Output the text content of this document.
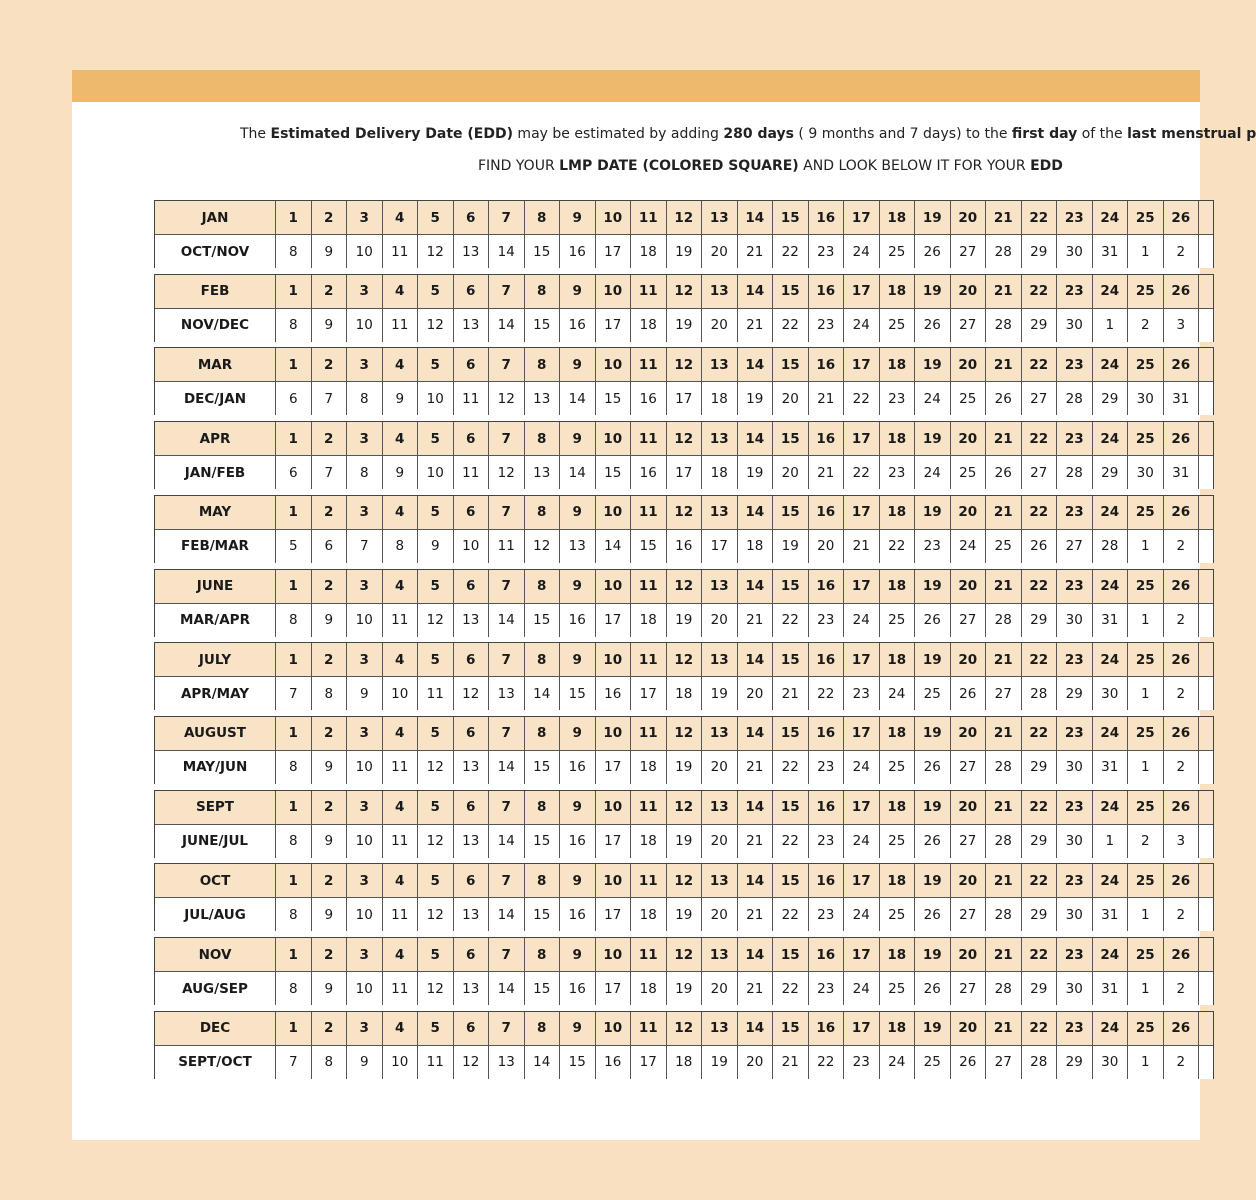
The Estimated Delivery Date (EDD) may be estimated by adding 280 days ( 9 months and 7 days) to the first day of the last menstrual p
FIND YOUR LMP DATE (COLORED SQUARE) AND LOOK BELOW IT FOR YOUR EDD
JAN	1	2	3	4	5	6	7	8	9	10	11	12	13	14	15	16	17	18	19	20	21	22	23	24	25	26
OCT/NOV	8	9	10	11	12	13	14	15	16	17	18	19	20	21	22	23	24	25	26	27	28	29	30	31	1	2
FEB	1	2	3	4	5	6	7	8	9	10	11	12	13	14	15	16	17	18	19	20	21	22	23	24	25	26
NOV/DEC	8	9	10	11	12	13	14	15	16	17	18	19	20	21	22	23	24	25	26	27	28	29	30	1	2	3
MAR	1	2	3	4	5	6	7	8	9	10	11	12	13	14	15	16	17	18	19	20	21	22	23	24	25	26
DEC/JAN	6	7	8	9	10	11	12	13	14	15	16	17	18	19	20	21	22	23	24	25	26	27	28	29	30	31
APR	1	2	3	4	5	6	7	8	9	10	11	12	13	14	15	16	17	18	19	20	21	22	23	24	25	26
JAN/FEB	6	7	8	9	10	11	12	13	14	15	16	17	18	19	20	21	22	23	24	25	26	27	28	29	30	31
MAY	1	2	3	4	5	6	7	8	9	10	11	12	13	14	15	16	17	18	19	20	21	22	23	24	25	26
FEB/MAR	5	6	7	8	9	10	11	12	13	14	15	16	17	18	19	20	21	22	23	24	25	26	27	28	1	2
JUNE	1	2	3	4	5	6	7	8	9	10	11	12	13	14	15	16	17	18	19	20	21	22	23	24	25	26
MAR/APR	8	9	10	11	12	13	14	15	16	17	18	19	20	21	22	23	24	25	26	27	28	29	30	31	1	2
JULY	1	2	3	4	5	6	7	8	9	10	11	12	13	14	15	16	17	18	19	20	21	22	23	24	25	26
APR/MAY	7	8	9	10	11	12	13	14	15	16	17	18	19	20	21	22	23	24	25	26	27	28	29	30	1	2
AUGUST	1	2	3	4	5	6	7	8	9	10	11	12	13	14	15	16	17	18	19	20	21	22	23	24	25	26
MAY/JUN	8	9	10	11	12	13	14	15	16	17	18	19	20	21	22	23	24	25	26	27	28	29	30	31	1	2
SEPT	1	2	3	4	5	6	7	8	9	10	11	12	13	14	15	16	17	18	19	20	21	22	23	24	25	26
JUNE/JUL	8	9	10	11	12	13	14	15	16	17	18	19	20	21	22	23	24	25	26	27	28	29	30	1	2	3
OCT	1	2	3	4	5	6	7	8	9	10	11	12	13	14	15	16	17	18	19	20	21	22	23	24	25	26
JUL/AUG	8	9	10	11	12	13	14	15	16	17	18	19	20	21	22	23	24	25	26	27	28	29	30	31	1	2
NOV	1	2	3	4	5	6	7	8	9	10	11	12	13	14	15	16	17	18	19	20	21	22	23	24	25	26
AUG/SEP	8	9	10	11	12	13	14	15	16	17	18	19	20	21	22	23	24	25	26	27	28	29	30	31	1	2
DEC	1	2	3	4	5	6	7	8	9	10	11	12	13	14	15	16	17	18	19	20	21	22	23	24	25	26
SEPT/OCT	7	8	9	10	11	12	13	14	15	16	17	18	19	20	21	22	23	24	25	26	27	28	29	30	1	2
